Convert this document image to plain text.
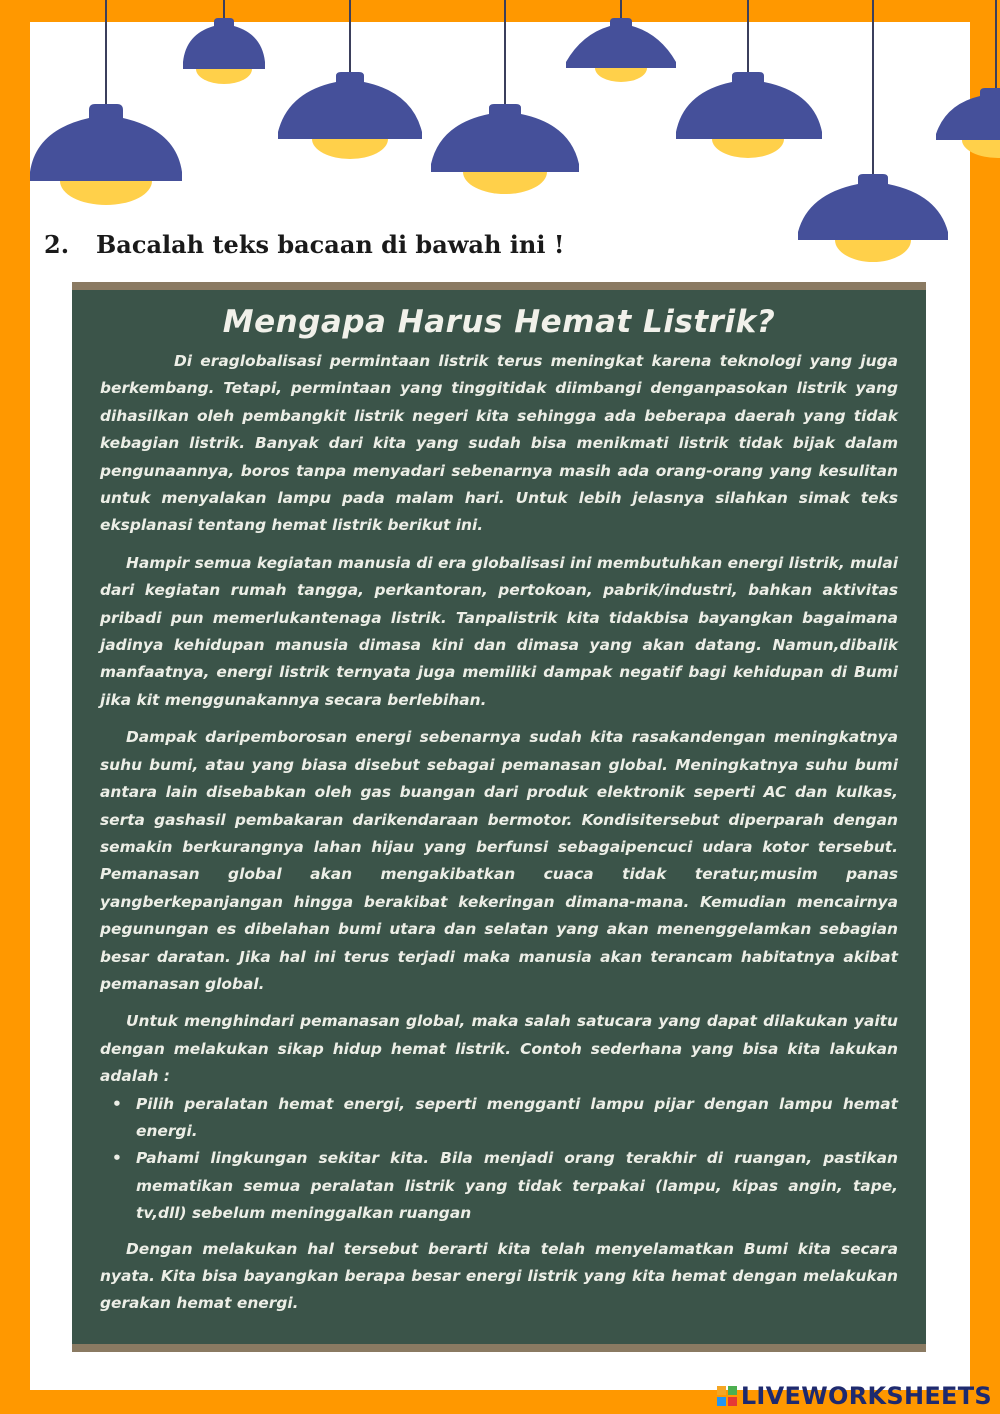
2. Bacalah teks bacaan di bawah ini !
Mengapa Harus Hemat Listrik?

Di eraglobalisasi permintaan listrik terus meningkat karena teknologi yang juga berkembang. Tetapi, permintaan yang tinggitidak diimbangi denganpasokan listrik yang dihasilkan oleh pembangkit listrik negeri kita sehingga ada beberapa daerah yang tidak kebagian listrik. Banyak dari kita yang sudah bisa menikmati listrik tidak bijak dalam pengunaannya, boros tanpa menyadari sebenarnya masih ada orang-orang yang kesulitan untuk menyalakan lampu pada malam hari. Untuk lebih jelasnya silahkan simak teks eksplanasi tentang hemat listrik berikut ini.

Hampir semua kegiatan manusia di era globalisasi ini membutuhkan energi listrik, mulai dari kegiatan rumah tangga, perkantoran, pertokoan, pabrik/industri, bahkan aktivitas pribadi pun memerlukantenaga listrik. Tanpalistrik kita tidakbisa bayangkan bagaimana jadinya kehidupan manusia dimasa kini dan dimasa yang akan datang. Namun,dibalik manfaatnya, energi listrik ternyata juga memiliki dampak negatif bagi kehidupan di Bumi jika kit menggunakannya secara berlebihan.

Dampak daripemborosan energi sebenarnya sudah kita rasakandengan meningkatnya suhu bumi, atau yang biasa disebut sebagai pemanasan global. Meningkatnya suhu bumi antara lain disebabkan oleh gas buangan dari produk elektronik seperti AC dan kulkas, serta gashasil pembakaran darikendaraan bermotor. Kondisitersebut diperparah dengan semakin berkurangnya lahan hijau yang berfunsi sebagaipencuci udara kotor tersebut. Pemanasan global akan mengakibatkan cuaca tidak teratur,musim panas yangberkepanjangan hingga berakibat kekeringan dimana-mana. Kemudian mencairnya pegunungan es dibelahan bumi utara dan selatan yang akan menenggelamkan sebagian besar daratan. Jika hal ini terus terjadi maka manusia akan terancam habitatnya akibat pemanasan global.

Untuk menghindari pemanasan global, maka salah satucara yang dapat dilakukan yaitu dengan melakukan sikap hidup hemat listrik. Contoh sederhana yang bisa kita lakukan adalah :

• Pilih peralatan hemat energi, seperti mengganti lampu pijar dengan lampu hemat energi.
• Pahami lingkungan sekitar kita. Bila menjadi orang terakhir di ruangan, pastikan mematikan semua peralatan listrik yang tidak terpakai (lampu, kipas angin, tape, tv,dll) sebelum meninggalkan ruangan

Dengan melakukan hal tersebut berarti kita telah menyelamatkan Bumi kita secara nyata. Kita bisa bayangkan berapa besar energi listrik yang kita hemat dengan melakukan gerakan hemat energi.

LIVEWORKSHEETS
